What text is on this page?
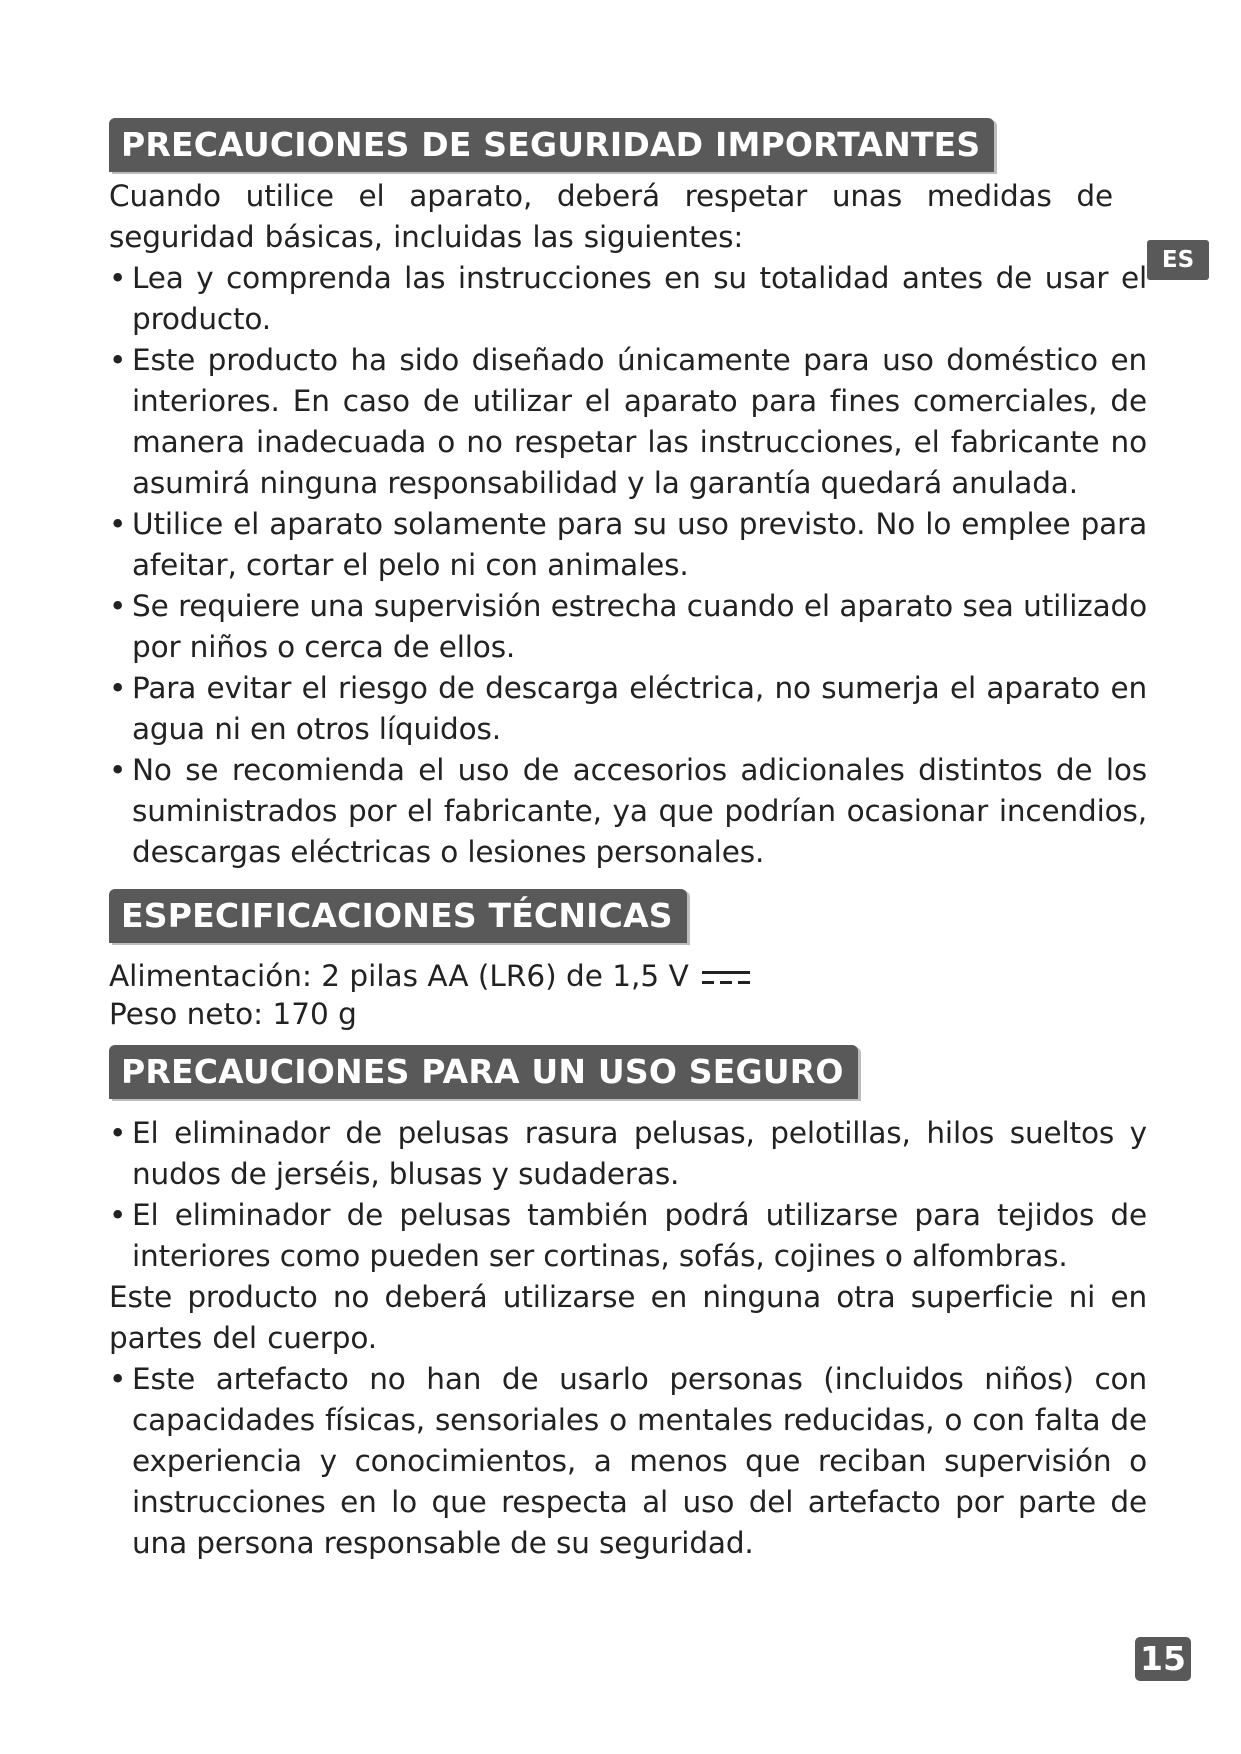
ES
PRECAUCIONES DE SEGURIDAD IMPORTANTES

Cuando utilice el aparato, deberá respetar unas medidas de seguridad básicas, incluidas las siguientes:

• Lea y comprenda las instrucciones en su totalidad antes de usar el producto.
• Este producto ha sido diseñado únicamente para uso doméstico en interiores. En caso de utilizar el aparato para fines comerciales, de manera inadecuada o no respetar las instrucciones, el fabricante no asumirá ninguna responsabilidad y la garantía quedará anulada.
• Utilice el aparato solamente para su uso previsto. No lo emplee para afeitar, cortar el pelo ni con animales.
• Se requiere una supervisión estrecha cuando el aparato sea utilizado por niños o cerca de ellos.
• Para evitar el riesgo de descarga eléctrica, no sumerja el aparato en agua ni en otros líquidos.
• No se recomienda el uso de accesorios adicionales distintos de los suministrados por el fabricante, ya que podrían ocasionar incendios, descargas eléctricas o lesiones personales.
ESPECIFICACIONES TÉCNICAS
Alimentación: 2 pilas AA (LR6) de 1,5 V
Peso neto: 170 g
PRECAUCIONES PARA UN USO SEGURO
• El eliminador de pelusas rasura pelusas, pelotillas, hilos sueltos y nudos de jerséis, blusas y sudaderas.
• El eliminador de pelusas también podrá utilizarse para tejidos de interiores como pueden ser cortinas, sofás, cojines o alfombras.

Este producto no deberá utilizarse en ninguna otra superficie ni en partes del cuerpo.

• Este artefacto no han de usarlo personas (incluidos niños) con capacidades físicas, sensoriales o mentales reducidas, o con falta de experiencia y conocimientos, a menos que reciban supervisión o instrucciones en lo que respecta al uso del artefacto por parte de una persona responsable de su seguridad.
15
